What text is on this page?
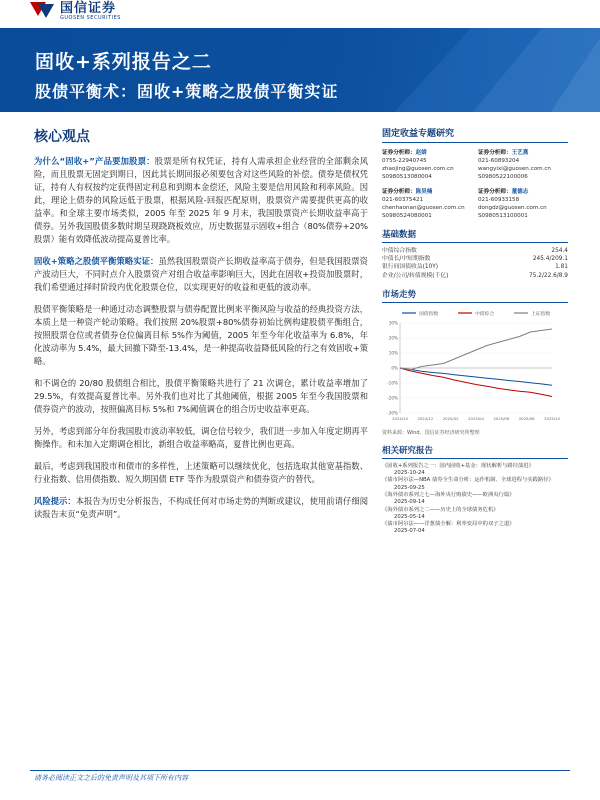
国信证券
GUOSEN SECURITIES
固收+系列报告之二
股债平衡术：固收+策略之股债平衡实证
核心观点

为什么“固收+”产品要加股票：股票是所有权凭证，持有人需承担企业经营的全部剩余风险，而且股票无固定到期日，因此其长期回报必须要包含对这些风险的补偿。债券是债权凭证，持有人有权按约定获得固定利息和到期本金偿还，风险主要是信用风险和利率风险。因此，理论上债券的风险远低于股票，根据风险-回报匹配原则，股票资产需要提供更高的收益率。和全球主要市场类似，2005 年至 2025 年 9 月末，我国股票资产长期收益率高于债券。另外我国股债多数时期呈现跷跷板效应，历史数据显示固收+组合（80%债券+20%股票）能有效降低波动提高夏普比率。

固收+策略之股债平衡策略实证：虽然我国股票资产长期收益率高于债券，但是我国股票资产波动巨大，不同时点介入股票资产对组合收益率影响巨大，因此在固收+投资加股票时，我们希望通过择时阶段内优化股票仓位，以实现更好的收益和更低的波动率。

股债平衡策略是一种通过动态调整股票与债券配置比例来平衡风险与收益的经典投资方法，本质上是一种资产轮动策略。我们按照 20%股票+80%债券初始比例构建股债平衡组合，按照股票仓位或者债券仓位偏离目标 5%作为阈值，2005 年至今年化收益率为 6.8%，年化波动率为 5.4%，最大回撤下降至-13.4%，是一种提高收益降低风险的行之有效固收+策略。

和不调仓的 20/80 股债组合相比，股债平衡策略共进行了 21 次调仓，累计收益率增加了 29.5%，有效提高夏普比率。另外我们也对比了其他阈值，根据 2005 年至今我国股票和债券资产的波动，按照偏离目标 5%和 7%阈值调仓的组合历史收益率更高。

另外，考虑到部分年份我国股市波动率较低，调仓信号较少，我们进一步加入年度定期再平衡操作。和未加入定期调仓相比，新组合收益率略高，夏普比例也更高。

最后，考虑到我国股市和债市的多样性，上述策略可以继续优化，包括选取其他宽基指数、行业指数、信用债指数、短久期国债 ETF 等作为股票资产和债券资产的替代。

风险提示：本报告为历史分析报告，不构成任何对市场走势的判断或建议，使用前请仔细阅读报告末页“免责声明”。

固定收益专题研究
证券分析师：赵婧
0755-22940745
zhaojing@guosen.com.cn
S0980513080004
证券分析师：王艺熹
021-60893204
wangyixi@guosen.com.cn
S0980522100006
证券分析师：陈昊楠
021-60375421
chenhaonan@guosen.com.cn
S0980524080001
证券分析师：董德志
021-60933158
dongdz@guosen.com.cn
S0980513100001
基础数据
中债综合指数	254.4
中债长/中短期指数	245.4/209.1
银行间国债收益(10Y)	1.81
企业/公司/转债规模(千亿)	75.2/22.6/8.9
市场走势
国债指数	中债综合	上证指数
30%
20%
10%
0%
-10%
-20%
-30%
2024/10	2024/12	2025/02	2025/04	2025/06	2025/08	2025/10
资料来源：Wind、国信证券经济研究所整理
相关研究报告
《固收+系列报告之一：国内固收+基金：现状解析与路径演进》
2025-10-24
《债市阿尔法—NBA 债券全生命分析：运作机制、全球进程与实践路径》
2025-09-25
《海外债市系列之七—海外央行购债史——欧洲央行篇》
2025-09-14
《海外债市系列之二——历史上的全球债务危机》
2025-05-14
《债市阿尔法——洋葱债全解：利率变局中的双子之道》
2025-07-04
请务必阅读正文之后的免责声明及其项下所有内容
